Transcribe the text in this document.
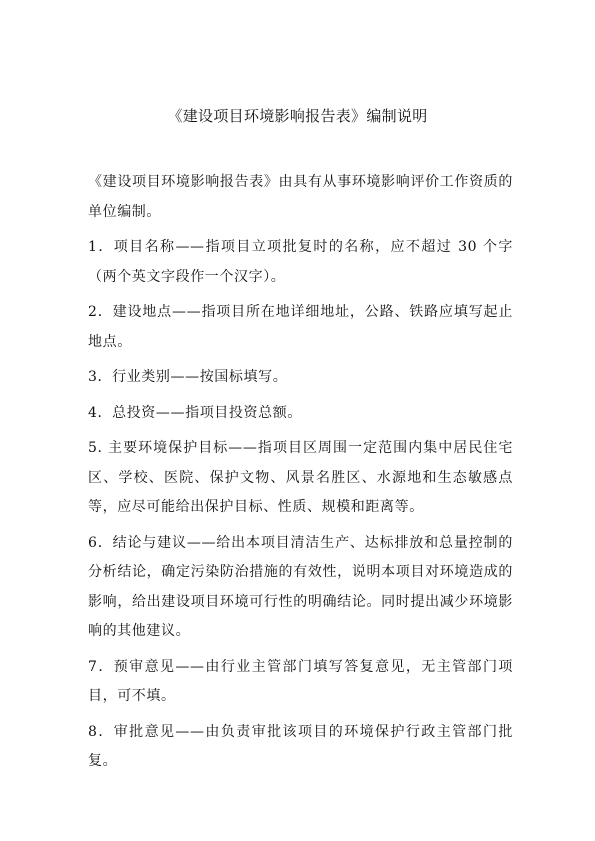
《建设项目环境影响报告表》编制说明

《建设项目环境影响报告表》由具有从事环境影响评价工作资质的单位编制。

1．项目名称——指项目立项批复时的名称，应不超过 30 个字（两个英文字段作一个汉字）。

2．建设地点——指项目所在地详细地址，公路、铁路应填写起止地点。

3．行业类别——按国标填写。

4．总投资——指项目投资总额。

5. 主要环境保护目标——指项目区周围一定范围内集中居民住宅区、学校、医院、保护文物、风景名胜区、水源地和生态敏感点等，应尽可能给出保护目标、性质、规模和距离等。

6．结论与建议——给出本项目清洁生产、达标排放和总量控制的分析结论，确定污染防治措施的有效性，说明本项目对环境造成的影响，给出建设项目环境可行性的明确结论。同时提出减少环境影响的其他建议。

7．预审意见——由行业主管部门填写答复意见，无主管部门项目，可不填。

8．审批意见——由负责审批该项目的环境保护行政主管部门批复。
